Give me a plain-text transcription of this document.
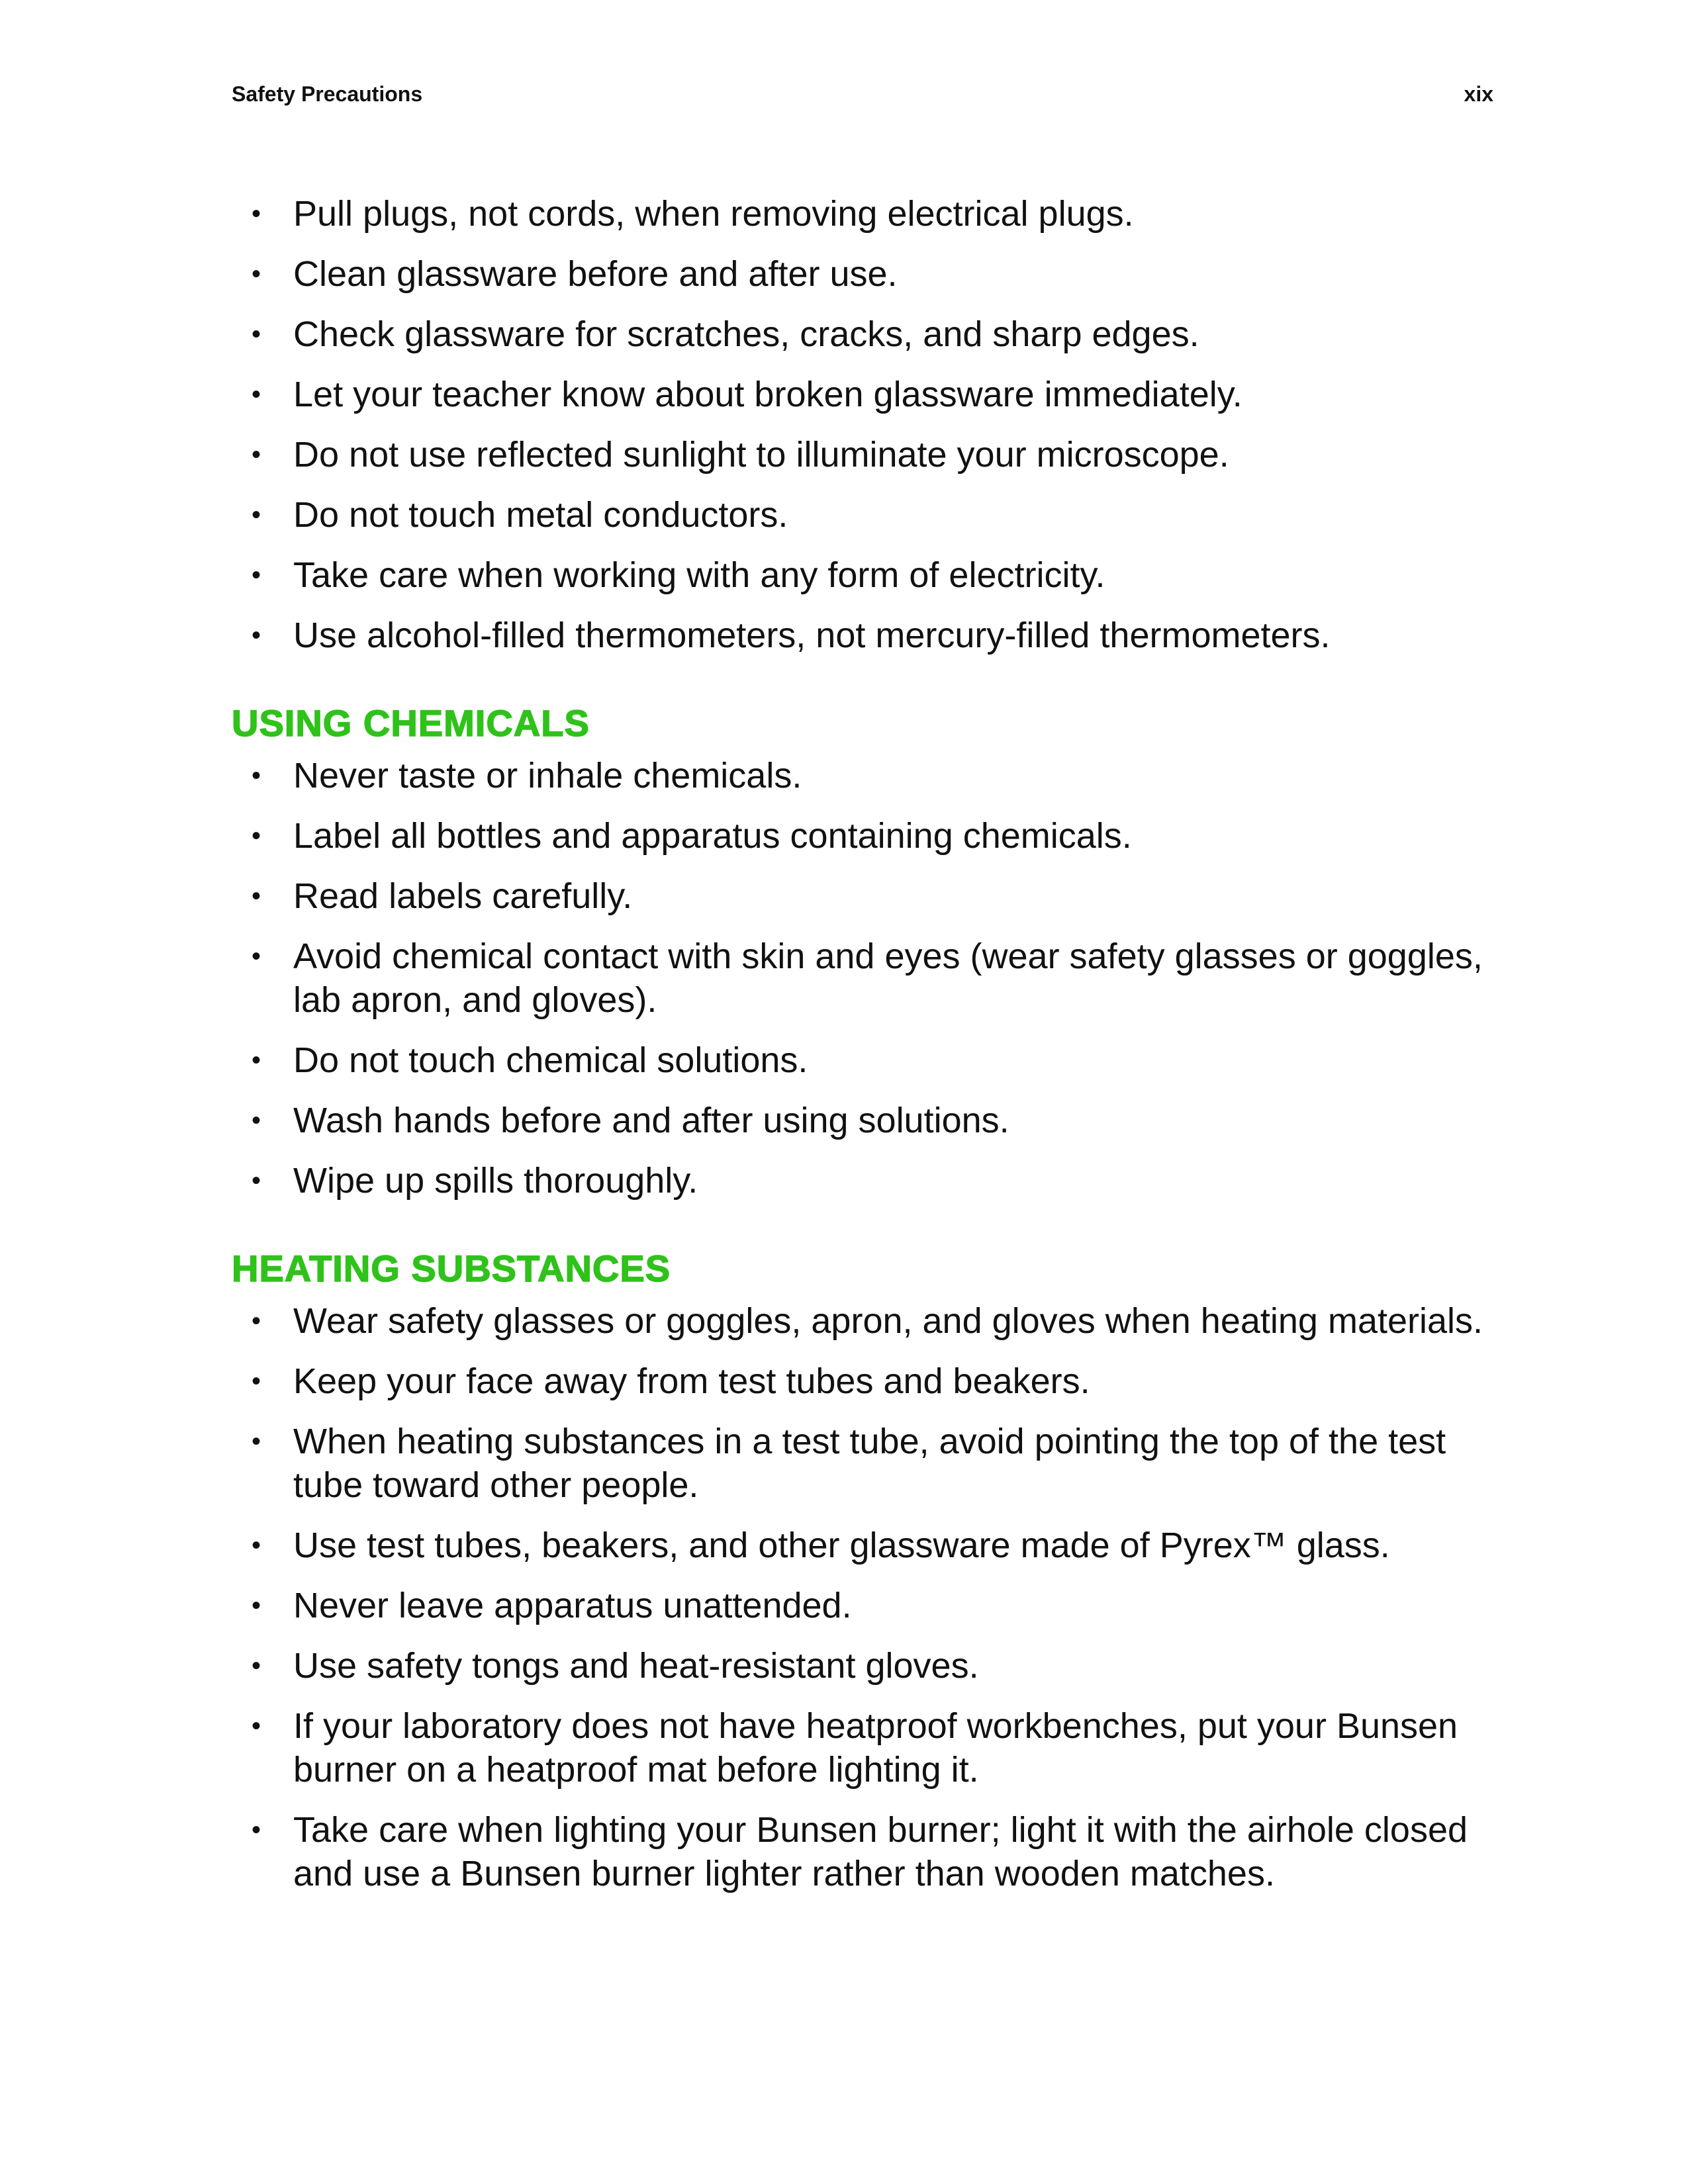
Safety Precautions	xix
• Pull plugs, not cords, when removing electrical plugs.
• Clean glassware before and after use.
• Check glassware for scratches, cracks, and sharp edges.
• Let your teacher know about broken glassware immediately.
• Do not use reflected sunlight to illuminate your microscope.
• Do not touch metal conductors.
• Take care when working with any form of electricity.
• Use alcohol-filled thermometers, not mercury-filled thermometers.
USING CHEMICALS
• Never taste or inhale chemicals.
• Label all bottles and apparatus containing chemicals.
• Read labels carefully.
• Avoid chemical contact with skin and eyes (wear safety glasses or goggles, lab apron, and gloves).
• Do not touch chemical solutions.
• Wash hands before and after using solutions.
• Wipe up spills thoroughly.
HEATING SUBSTANCES
• Wear safety glasses or goggles, apron, and gloves when heating materials.
• Keep your face away from test tubes and beakers.
• When heating substances in a test tube, avoid pointing the top of the test tube toward other people.
• Use test tubes, beakers, and other glassware made of Pyrex™ glass.
• Never leave apparatus unattended.
• Use safety tongs and heat-resistant gloves.
• If your laboratory does not have heatproof workbenches, put your Bunsen burner on a heatproof mat before lighting it.
• Take care when lighting your Bunsen burner; light it with the airhole closed and use a Bunsen burner lighter rather than wooden matches.
